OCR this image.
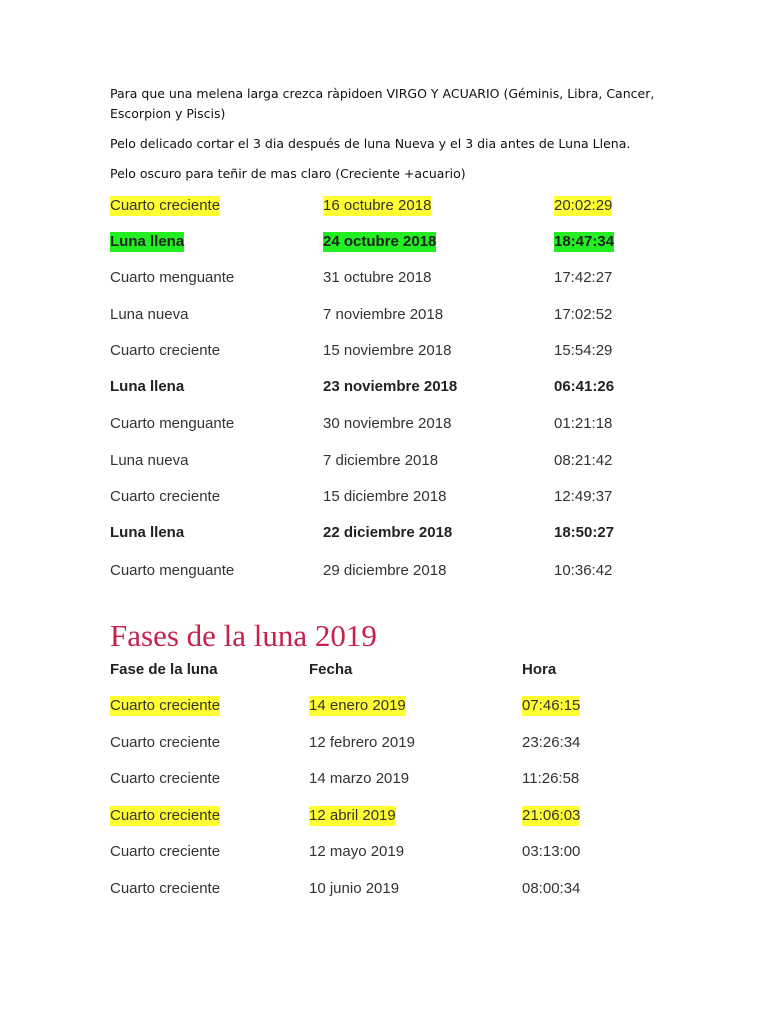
Para que una melena larga crezca ràpidoen VIRGO Y ACUARIO (Géminis, Libra, Cancer, Escorpion y Piscis)
Pelo delicado cortar el 3 dia después de luna Nueva y el 3 dia antes de Luna Llena.
Pelo oscuro para teñir de mas claro (Creciente +acuario)
Cuarto creciente	16 octubre 2018	20:02:29
Luna llena	24 octubre 2018	18:47:34
Cuarto menguante	31 octubre 2018	17:42:27
Luna nueva	7 noviembre 2018	17:02:52
Cuarto creciente	15 noviembre 2018	15:54:29
Luna llena	23 noviembre 2018	06:41:26
Cuarto menguante	30 noviembre 2018	01:21:18
Luna nueva	7 diciembre 2018	08:21:42
Cuarto creciente	15 diciembre 2018	12:49:37
Luna llena	22 diciembre 2018	18:50:27
Cuarto menguante	29 diciembre 2018	10:36:42
Fases de la luna 2019
Fase de la luna	Fecha	Hora
Cuarto creciente	14 enero 2019	07:46:15
Cuarto creciente	12 febrero 2019	23:26:34
Cuarto creciente	14 marzo 2019	11:26:58
Cuarto creciente	12 abril 2019	21:06:03
Cuarto creciente	12 mayo 2019	03:13:00
Cuarto creciente	10 junio 2019	08:00:34
